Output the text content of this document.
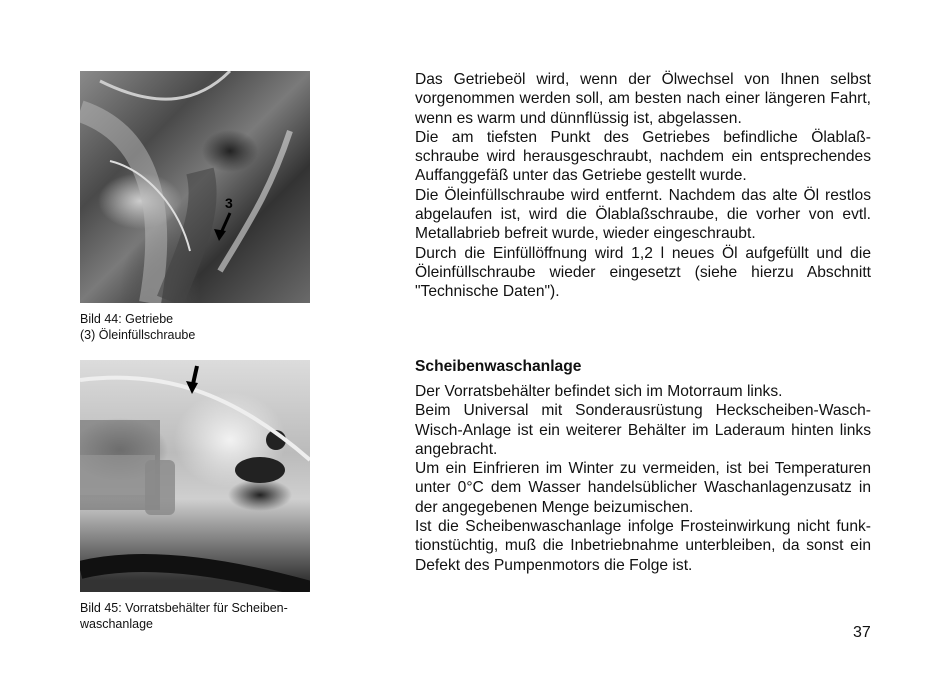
3
Bild 44: Getriebe
(3) Öleinfüllschraube
Bild 45: Vorratsbehälter für Scheiben-
waschanlage

Das Getriebeöl wird, wenn der Ölwechsel von Ihnen selbst vorgenommen werden soll, am besten nach einer längeren Fahrt, wenn es warm und dünnflüssig ist, abgelassen.

Die am tiefsten Punkt des Getriebes befindliche Ölablaß-schraube wird herausgeschraubt, nachdem ein entsprechendes Auffanggefäß unter das Getriebe gestellt wurde.

Die Öleinfüllschraube wird entfernt. Nachdem das alte Öl restlos abgelaufen ist, wird die Ölablaßschraube, die vorher von evtl. Metallabrieb befreit wurde, wieder eingeschraubt.

Durch die Einfüllöffnung wird 1,2 l neues Öl aufgefüllt und die Öleinfüllschraube wieder eingesetzt (siehe hierzu Abschnitt "Technische Daten").

Scheibenwaschanlage

Der Vorratsbehälter befindet sich im Motorraum links.

Beim Universal mit Sonderausrüstung Heckscheiben-Wasch-Wisch-Anlage ist ein weiterer Behälter im Laderaum hinten links angebracht.

Um ein Einfrieren im Winter zu vermeiden, ist bei Temperaturen unter 0°C dem Wasser handelsüblicher Waschanlagenzusatz in der angegebenen Menge beizumischen.

Ist die Scheibenwaschanlage infolge Frosteinwirkung nicht funk-tionstüchtig, muß die Inbetriebnahme unterbleiben, da sonst ein Defekt des Pumpenmotors die Folge ist.

37
